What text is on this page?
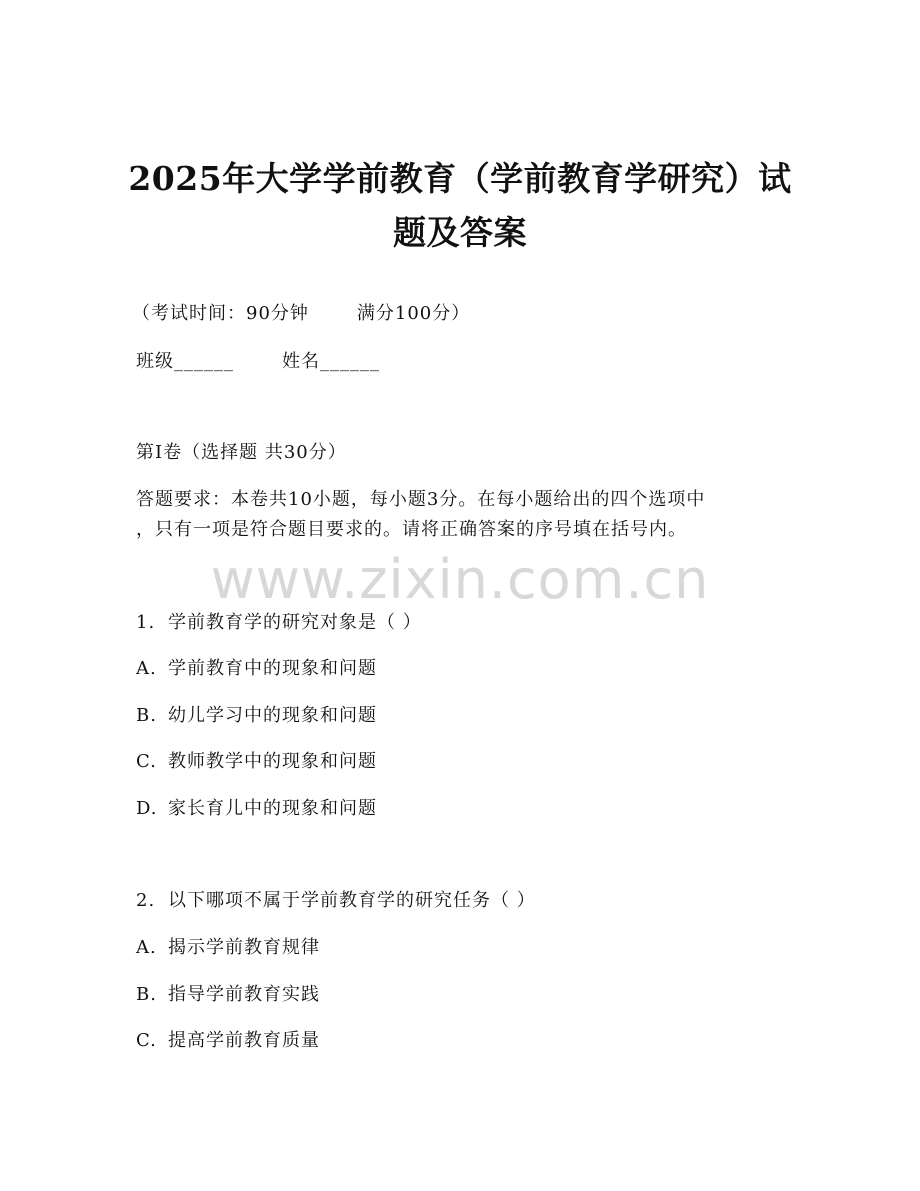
2025年大学学前教育（学前教育学研究）试
题及答案
（考试时间：90分钟	满分100分）
班级______	姓名______
第I卷（选择题 共30分）
答题要求：本卷共10小题，每小题3分。在每小题给出的四个选项中
，只有一项是符合题目要求的。请将正确答案的序号填在括号内。
www.zixin.com.cn
1. 学前教育学的研究对象是（ ）
A. 学前教育中的现象和问题
B. 幼儿学习中的现象和问题
C. 教师教学中的现象和问题
D. 家长育儿中的现象和问题
2. 以下哪项不属于学前教育学的研究任务（ ）
A. 揭示学前教育规律
B. 指导学前教育实践
C. 提高学前教育质量
